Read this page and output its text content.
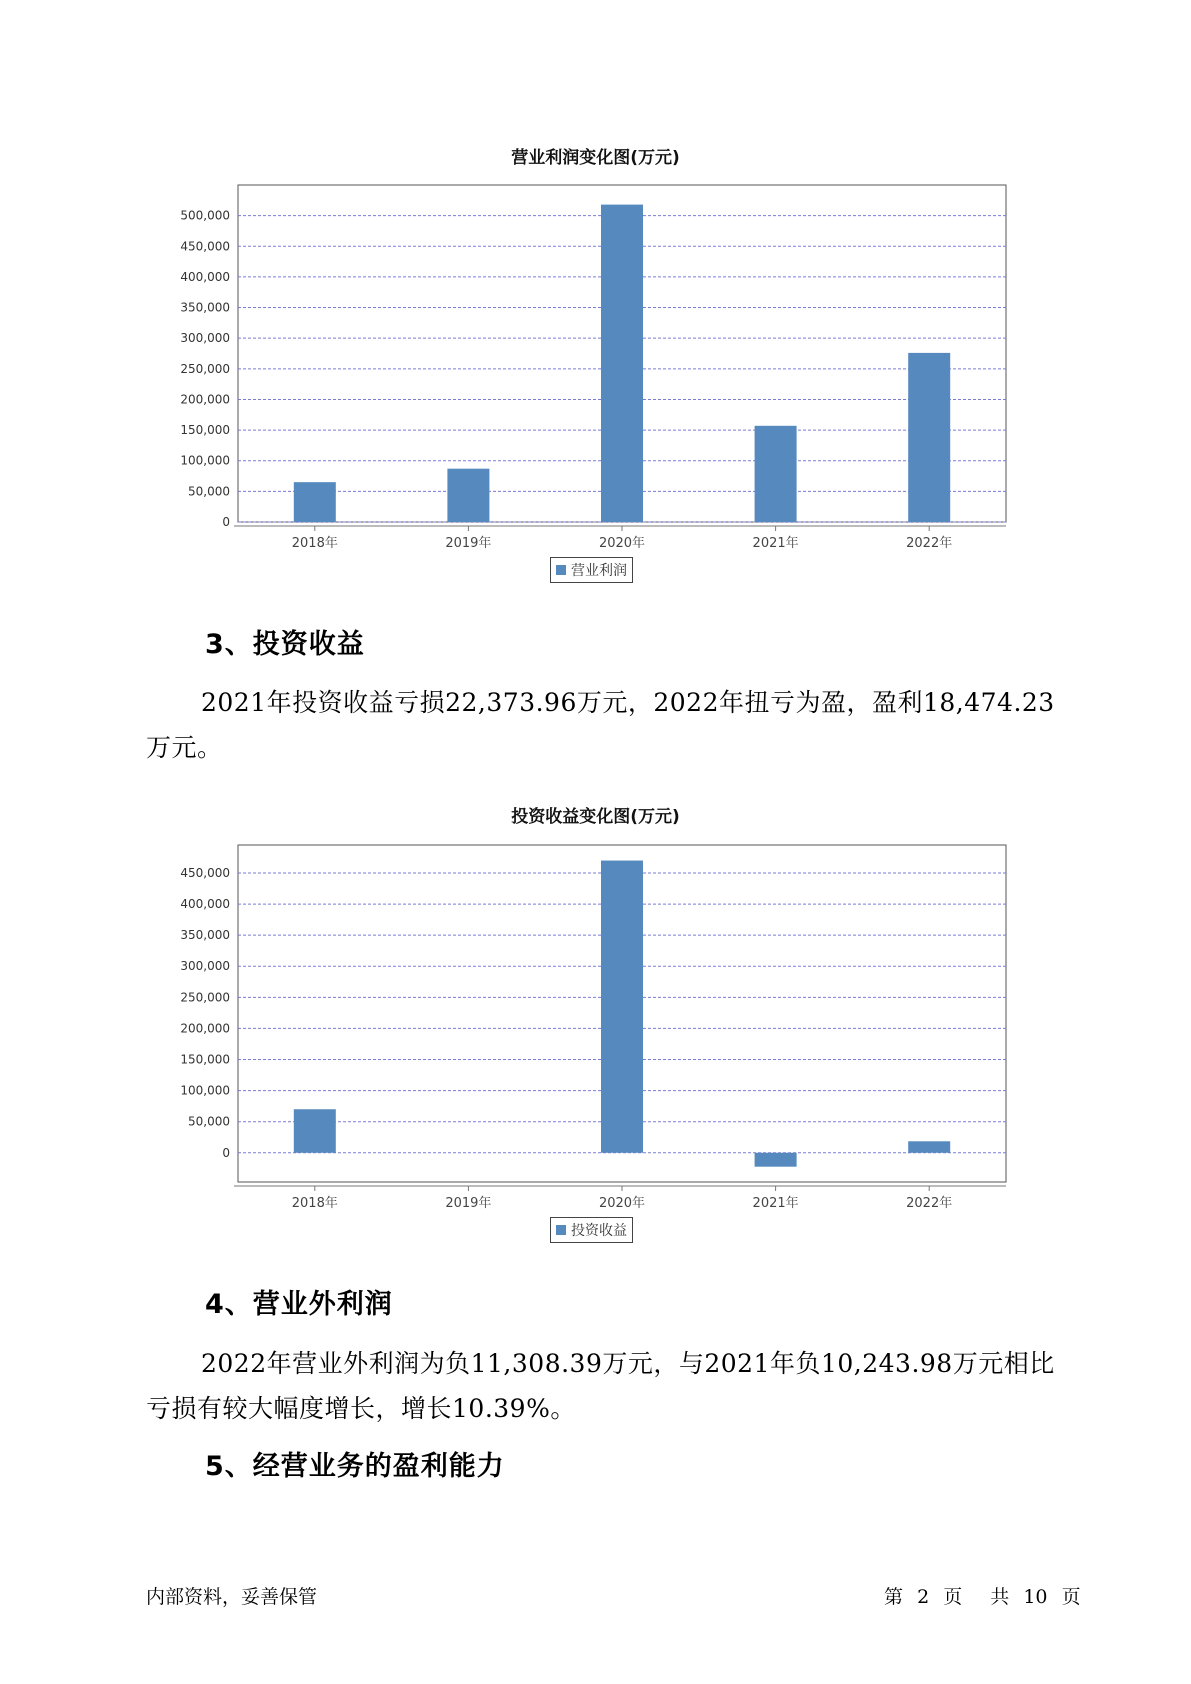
营业利润变化图(万元)
0
50,000
100,000
150,000
200,000
250,000
300,000
350,000
400,000
450,000
500,000
2018年	2019年	2020年	2021年	2022年
营业利润
3、投资收益

2021年投资收益亏损22,373.96万元，2022年扭亏为盈，盈利18,474.23万元。

投资收益变化图(万元)
0
50,000
100,000
150,000
200,000
250,000
300,000
350,000
400,000
450,000
2018年	2019年	2020年	2021年	2022年
投资收益
4、营业外利润

2022年营业外利润为负11,308.39万元，与2021年负10,243.98万元相比亏损有较大幅度增长，增长10.39%。

5、经营业务的盈利能力
内部资料，妥善保管	第 2 页 共 10 页
